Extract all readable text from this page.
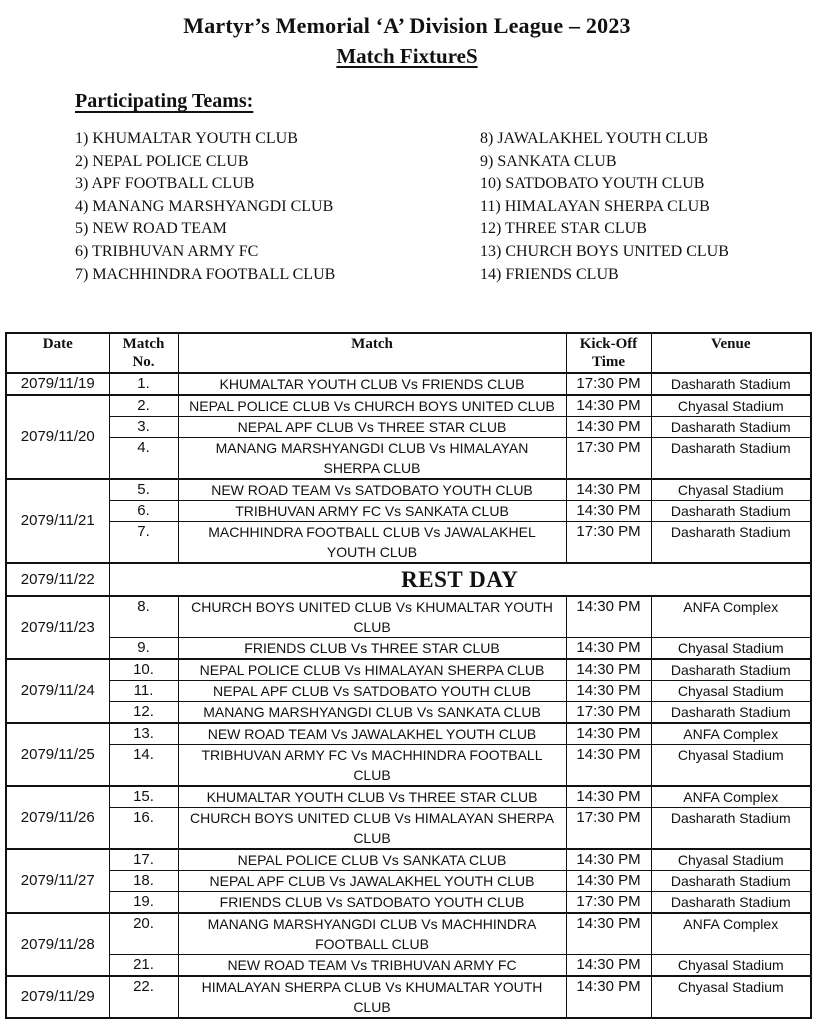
Martyr’s Memorial ‘A’ Division League – 2023
Match FixtureS
Participating Teams:
1) KHUMALTAR YOUTH CLUB
2) NEPAL POLICE CLUB
3) APF FOOTBALL CLUB
4) MANANG MARSHYANGDI CLUB
5) NEW ROAD TEAM
6) TRIBHUVAN ARMY FC
7) MACHHINDRA FOOTBALL CLUB
8) JAWALAKHEL YOUTH CLUB
9) SANKATA CLUB
10) SATDOBATO YOUTH CLUB
11) HIMALAYAN SHERPA CLUB
12) THREE STAR CLUB
13) CHURCH BOYS UNITED CLUB
14) FRIENDS CLUB
Date	Match No.	Match	Kick-Off Time	Venue
2079/11/19	1.	KHUMALTAR YOUTH CLUB Vs FRIENDS CLUB	17:30 PM	Dasharath Stadium
2079/11/20	2.	NEPAL POLICE CLUB Vs CHURCH BOYS UNITED CLUB	14:30 PM	Chyasal Stadium
	3.	NEPAL APF CLUB Vs THREE STAR CLUB	14:30 PM	Dasharath Stadium
	4.	MANANG MARSHYANGDI CLUB Vs HIMALAYAN SHERPA CLUB	17:30 PM	Dasharath Stadium
2079/11/21	5.	NEW ROAD TEAM Vs SATDOBATO YOUTH CLUB	14:30 PM	Chyasal Stadium
	6.	TRIBHUVAN ARMY FC Vs SANKATA CLUB	14:30 PM	Dasharath Stadium
	7.	MACHHINDRA FOOTBALL CLUB Vs JAWALAKHEL YOUTH CLUB	17:30 PM	Dasharath Stadium
2079/11/22	REST DAY			
2079/11/23	8.	CHURCH BOYS UNITED CLUB Vs KHUMALTAR YOUTH CLUB	14:30 PM	ANFA Complex
	9.	FRIENDS CLUB Vs THREE STAR CLUB	14:30 PM	Chyasal Stadium
2079/11/24	10.	NEPAL POLICE CLUB Vs HIMALAYAN SHERPA CLUB	14:30 PM	Dasharath Stadium
	11.	NEPAL APF CLUB Vs SATDOBATO YOUTH CLUB	14:30 PM	Chyasal Stadium
	12.	MANANG MARSHYANGDI CLUB Vs SANKATA CLUB	17:30 PM	Dasharath Stadium
2079/11/25	13.	NEW ROAD TEAM Vs JAWALAKHEL YOUTH CLUB	14:30 PM	ANFA Complex
	14.	TRIBHUVAN ARMY FC Vs MACHHINDRA FOOTBALL CLUB	14:30 PM	Chyasal Stadium
2079/11/26	15.	KHUMALTAR YOUTH CLUB Vs THREE STAR CLUB	14:30 PM	ANFA Complex
	16.	CHURCH BOYS UNITED CLUB Vs HIMALAYAN SHERPA CLUB	17:30 PM	Dasharath Stadium
2079/11/27	17.	NEPAL POLICE CLUB Vs SANKATA CLUB	14:30 PM	Chyasal Stadium
	18.	NEPAL APF CLUB Vs JAWALAKHEL YOUTH CLUB	14:30 PM	Dasharath Stadium
	19.	FRIENDS CLUB Vs SATDOBATO YOUTH CLUB	17:30 PM	Dasharath Stadium
2079/11/28	20.	MANANG MARSHYANGDI CLUB Vs MACHHINDRA FOOTBALL CLUB	14:30 PM	ANFA Complex
	21.	NEW ROAD TEAM Vs TRIBHUVAN ARMY FC	14:30 PM	Chyasal Stadium
2079/11/29	22.	HIMALAYAN SHERPA CLUB Vs KHUMALTAR YOUTH CLUB	14:30 PM	Chyasal Stadium
